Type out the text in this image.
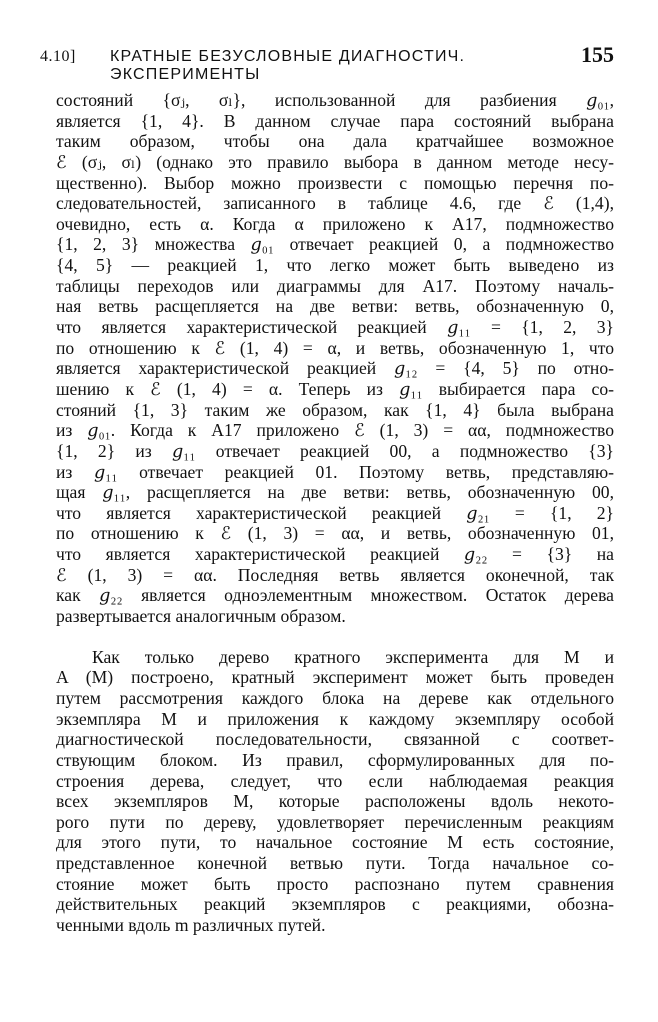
4.10] КРАТНЫЕ БЕЗУСЛОВНЫЕ ДИАГНОСТИЧ. ЭКСПЕРИМЕНТЫ
155

состояний {σⱼ, σₗ}, использованной для разбиения 𝑔₀₁,
является {1, 4}. В данном случае пара состояний выбрана
таким образом, чтобы она дала кратчайшее возможное
ℰ (σⱼ, σₗ) (однако это правило выбора в данном методе несу-
щественно). Выбор можно произвести с помощью перечня по-
следовательностей, записанного в таблице 4.6, где ℰ (1,4),
очевидно, есть α. Когда α приложено к A17, подмножество
{1, 2, 3} множества 𝑔₀₁ отвечает реакцией 0, а подмножество
{4, 5} — реакцией 1, что легко может быть выведено из
таблицы переходов или диаграммы для A17. Поэтому началь-
ная ветвь расщепляется на две ветви: ветвь, обозначенную 0,
что является характеристической реакцией 𝑔₁₁ = {1, 2, 3}
по отношению к ℰ (1, 4) = α, и ветвь, обозначенную 1, что
является характеристической реакцией 𝑔₁₂ = {4, 5} по отно-
шению к ℰ (1, 4) = α. Теперь из 𝑔₁₁ выбирается пара со-
стояний {1, 3} таким же образом, как {1, 4} была выбрана
из 𝑔₀₁. Когда к A17 приложено ℰ (1, 3) = αα, подмножество
{1, 2} из 𝑔₁₁ отвечает реакцией 00, а подмножество {3}
из 𝑔₁₁ отвечает реакцией 01. Поэтому ветвь, представляю-
щая 𝑔₁₁, расщепляется на две ветви: ветвь, обозначенную 00,
что является характеристической реакцией 𝑔₂₁ = {1, 2}
по отношению к ℰ (1, 3) = αα, и ветвь, обозначенную 01,
что является характеристической реакцией 𝑔₂₂ = {3} на
ℰ (1, 3) = αα. Последняя ветвь является оконечной, так
как 𝑔₂₂ является одноэлементным множеством. Остаток дерева
развертывается аналогичным образом.

Как только дерево кратного эксперимента для M и
A (M) построено, кратный эксперимент может быть проведен
путем рассмотрения каждого блока на дереве как отдельного
экземпляра M и приложения к каждому экземпляру особой
диагностической последовательности, связанной с соответ-
ствующим блоком. Из правил, сформулированных для по-
строения дерева, следует, что если наблюдаемая реакция
всех экземпляров M, которые расположены вдоль некото-
рого пути по дереву, удовлетворяет перечисленным реакциям
для этого пути, то начальное состояние M есть состояние,
представленное конечной ветвью пути. Тогда начальное со-
стояние может быть просто распознано путем сравнения
действительных реакций экземпляров с реакциями, обозна-
ченными вдоль m различных путей.
